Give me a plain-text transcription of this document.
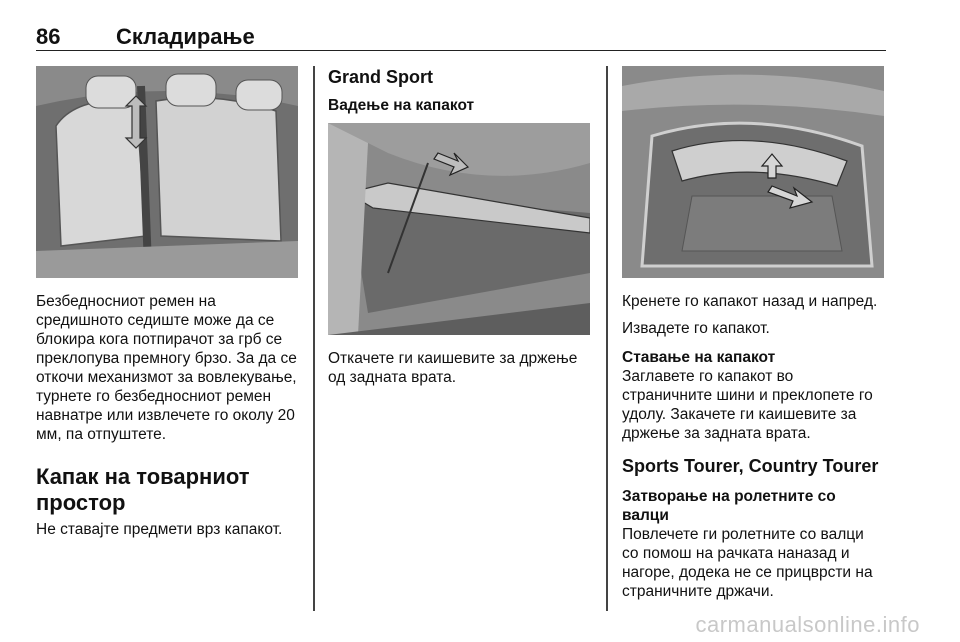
86	Складирање

Безбедносниот ремен на средишното седиште може да се блокира кога потпирачот за грб се преклопува премногу брзо. За да се откочи механизмот за вовлекување, турнете го безбедносниот ремен навнатре или извлечете го околу 20 мм, па отпуштете.

Капак на товарниот простор

Не ставајте предмети врз капакот.

Grand Sport
Вадење на капакот

Откачете ги каишевите за држење од задната врата.

Кренете го капакот назад и напред.

Извадете го капакот.

Ставање на капакот

Заглавете го капакот во страничните шини и преклопете го удолу. Закачете ги каишевите за држење за задната врата.

Sports Tourer, Country Tourer
Затворање на ролетните со валци

Повлечете ги ролетните со валци со помош на рачката наназад и нагоре, додека не се прицврсти на страничните држачи.

carmanualsonline.info
